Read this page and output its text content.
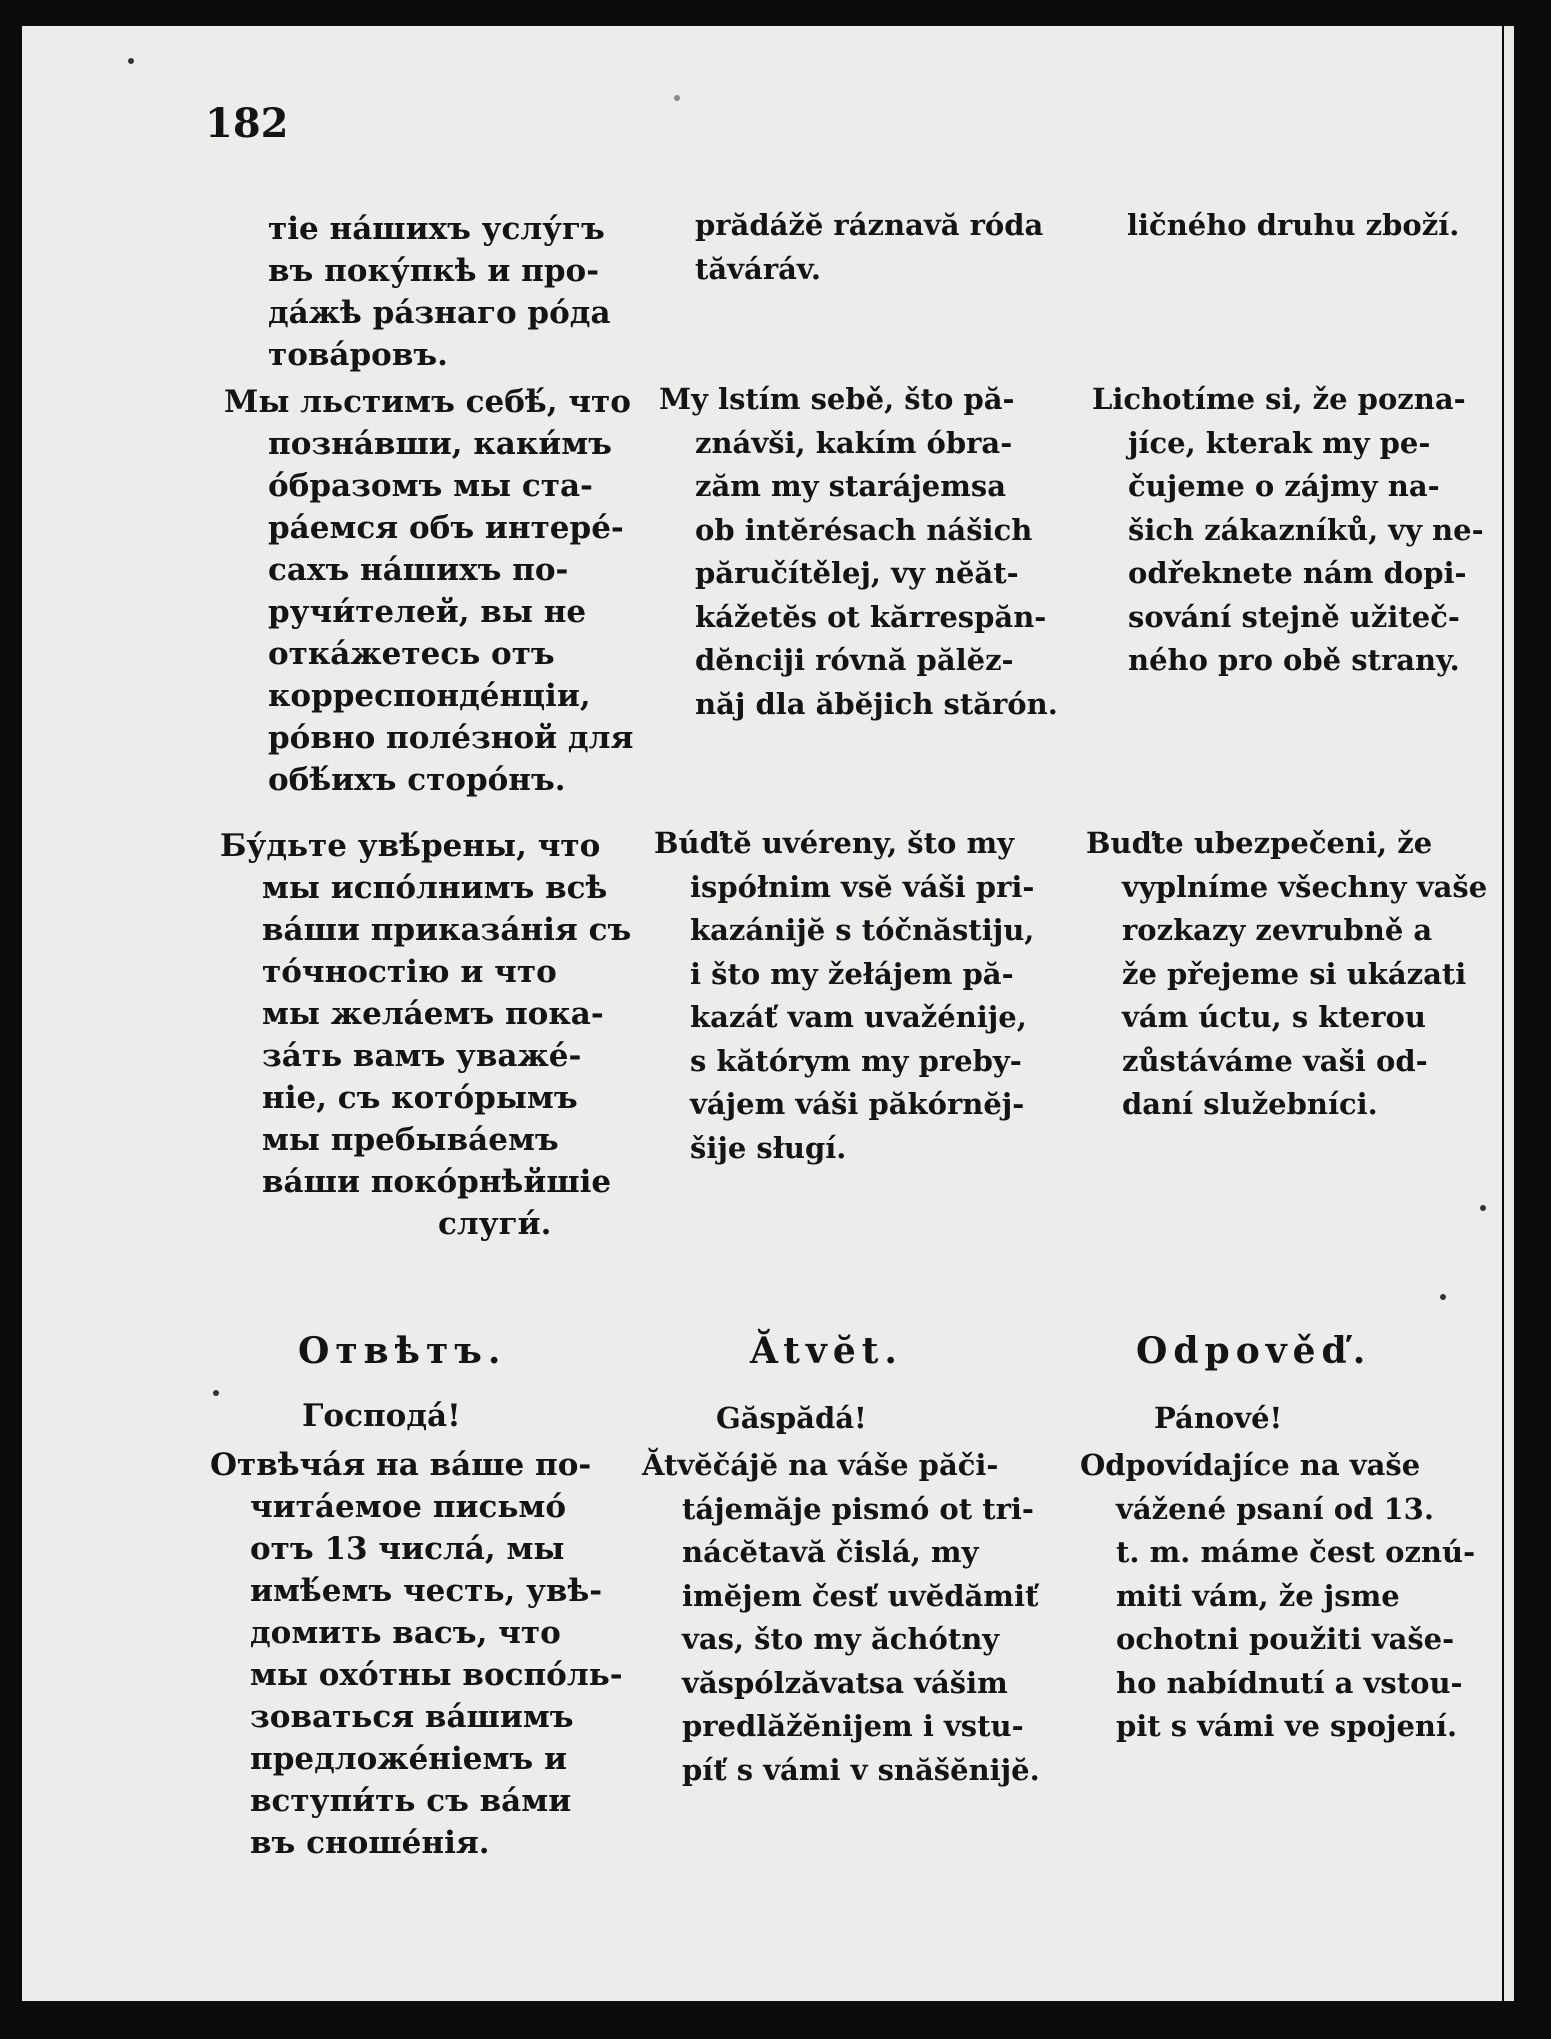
182
тіе на́шихъ услу́гъ
въ поку́пкѣ и про-
да́жѣ ра́знаго ро́да
това́ровъ.
Мы льстимъ себѣ́, что
позна́вши, каки́мъ
о́бразомъ мы ста-
ра́емся объ интере́-
сахъ на́шихъ по-
ручи́телей, вы не
отка́жетесь отъ
корреспонде́нціи,
ро́вно поле́зной для
обѣ́ихъ сторо́нъ.
Бу́дьте увѣ́рены, что
мы испо́лнимъ всѣ
ва́ши приказа́нія съ
то́чностію и что
мы жела́емъ пока-
за́ть вамъ уваже́-
ніе, съ кото́рымъ
мы пребыва́емъ
ва́ши поко́рнѣйшіе
слуги́.
Отвѣтъ.
Господа́!
Отвѣча́я на ва́ше по-
чита́емое письмо́
отъ 13 числа́, мы
имѣ́емъ честь, увѣ-
домить васъ, что
мы охо́тны воспо́ль-
зоваться ва́шимъ
предложе́ніемъ и
вступи́ть съ ва́ми
въ сноше́нія.
prădážĕ ráznavă róda
tăváráv.
My lstím sebě, što pă-
znávši, kakím óbra-
zăm my starájemsa
ob intĕrésach nášich
păručítělej, vy nĕăt-
kážetĕs ot kărrespăn-
dĕnciji róvnă pălĕz-
năj dla ăbĕjich stărón.
Búďtĕ uvéreny, što my
ispółnim vsĕ váši pri-
kazánijĕ s tóčnăstiju,
i što my žełájem pă-
kazáť vam uvažénije,
s kătórym my preby-
vájem váši păkórnĕj-
šije sługí.
Ătvĕt.
Găspădá!
Ătvĕčájĕ na váše păči-
tájemăje pismó ot tri-
nácĕtavă čislá, my
imĕjem česť uvĕdămiť
vas, što my ăchótny
văspólzăvatsa vášim
predlăžĕnijem i vstu-
píť s vámi v snăšĕnijĕ.
ličného druhu zboží.
Lichotíme si, že pozna-
jíce, kterak my pe-
čujeme o zájmy na-
šich zákazníků, vy ne-
odřeknete nám dopi-
sování stejně užiteč-
ného pro obě strany.
Buďte ubezpečeni, že
vyplníme všechny vaše
rozkazy zevrubně a
že přejeme si ukázati
vám úctu, s kterou
zůstáváme vaši od-
daní služebníci.
Odpověď.
Pánové!
Odpovídajíce na vaše
vážené psaní od 13.
t. m. máme čest oznú-
miti vám, že jsme
ochotni použiti vaše-
ho nabídnutí a vstou-
pit s vámi ve spojení.
